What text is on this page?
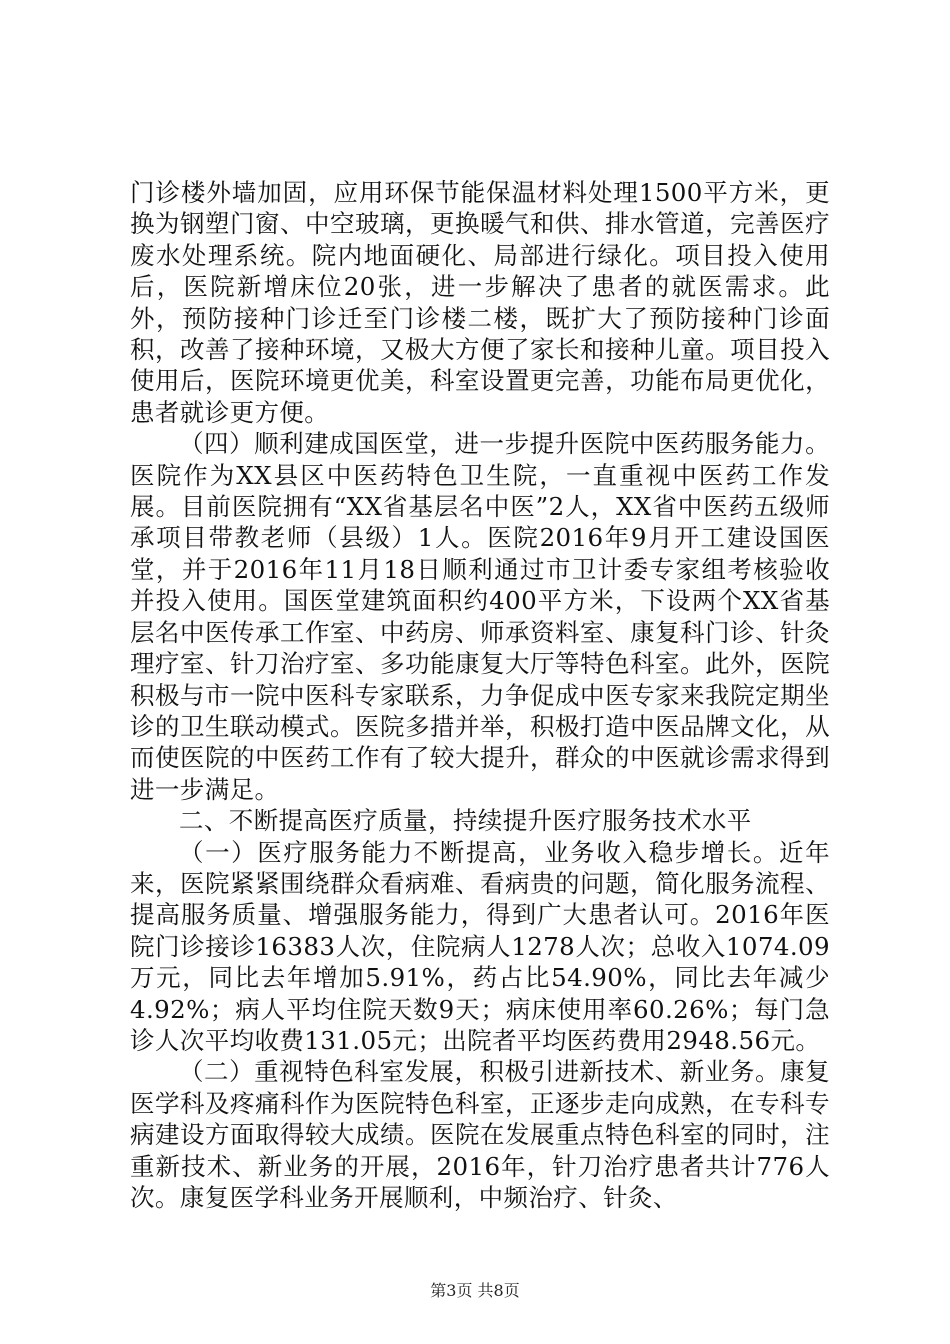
门诊楼外墙加固，应用环保节能保温材料处理1500平方米，更换为钢塑门窗、中空玻璃，更换暖气和供、排水管道，完善医疗废水处理系统。院内地面硬化、局部进行绿化。项目投入使用后，医院新增床位20张，进一步解决了患者的就医需求。此外，预防接种门诊迁至门诊楼二楼，既扩大了预防接种门诊面积，改善了接种环境，又极大方便了家长和接种儿童。项目投入使用后，医院环境更优美，科室设置更完善，功能布局更优化，患者就诊更方便。

（四）顺利建成国医堂，进一步提升医院中医药服务能力。医院作为XX县区中医药特色卫生院，一直重视中医药工作发展。目前医院拥有“XX省基层名中医”2人，XX省中医药五级师承项目带教老师（县级）1人。医院2016年9月开工建设国医堂，并于2016年11月18日顺利通过市卫计委专家组考核验收并投入使用。国医堂建筑面积约400平方米，下设两个XX省基层名中医传承工作室、中药房、师承资料室、康复科门诊、针灸理疗室、针刀治疗室、多功能康复大厅等特色科室。此外，医院积极与市一院中医科专家联系，力争促成中医专家来我院定期坐诊的卫生联动模式。医院多措并举，积极打造中医品牌文化，从而使医院的中医药工作有了较大提升，群众的中医就诊需求得到进一步满足。

二、不断提高医疗质量，持续提升医疗服务技术水平

（一）医疗服务能力不断提高，业务收入稳步增长。近年来，医院紧紧围绕群众看病难、看病贵的问题，简化服务流程、提高服务质量、增强服务能力，得到广大患者认可。2016年医院门诊接诊16383人次，住院病人1278人次；总收入1074.09万元，同比去年增加5.91%，药占比54.90%，同比去年减少4.92%；病人平均住院天数9天；病床使用率60.26%；每门急诊人次平均收费131.05元；出院者平均医药费用2948.56元。

（二）重视特色科室发展，积极引进新技术、新业务。康复医学科及疼痛科作为医院特色科室，正逐步走向成熟，在专科专病建设方面取得较大成绩。医院在发展重点特色科室的同时，注重新技术、新业务的开展，2016年，针刀治疗患者共计776人次。康复医学科业务开展顺利，中频治疗、针灸、

第3页 共8页
